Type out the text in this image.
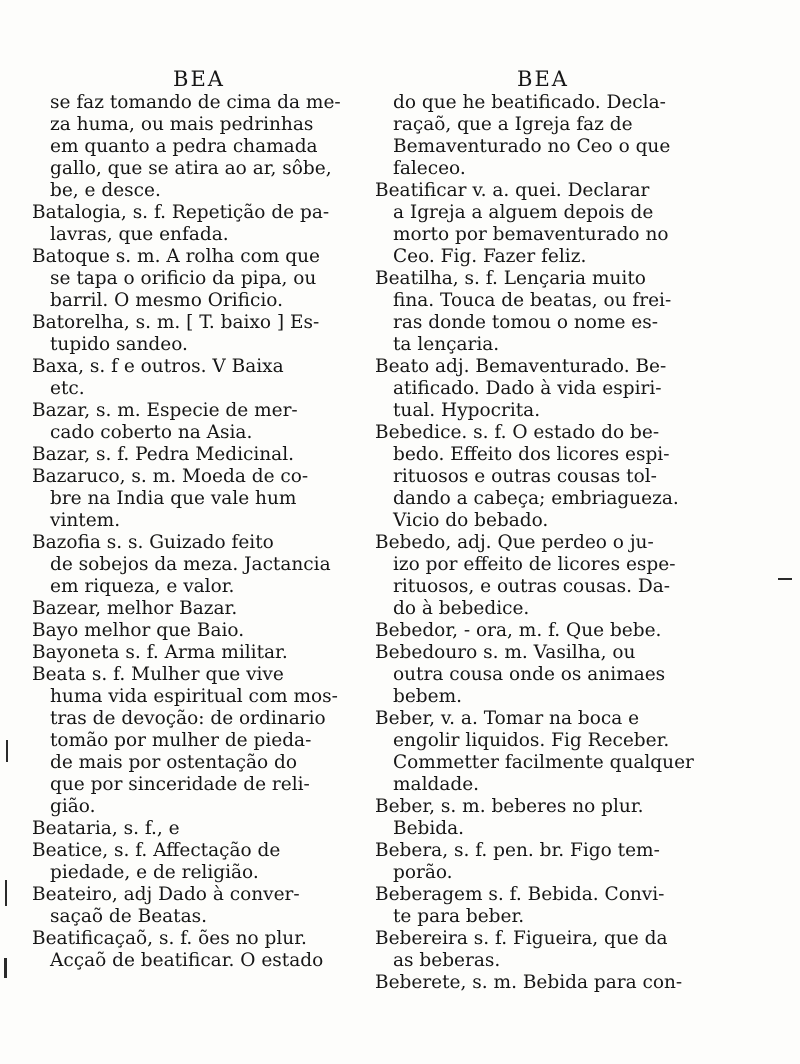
BEA
se faz tomando de cima da me-
za huma, ou mais pedrinhas
em quanto a pedra chamada
gallo, que se atira ao ar, sôbe,
be, e desce.
Batalogia, s. f. Repetição de pa-
lavras, que enfada.
Batoque s. m. A rolha com que
se tapa o orificio da pipa, ou
barril. O mesmo Orificio.
Batorelha, s. m. [ T. baixo ] Es-
tupido sandeo.
Baxa, s. f e outros. V Baixa
etc.
Bazar, s. m. Especie de mer-
cado coberto na Asia.
Bazar, s. f. Pedra Medicinal.
Bazaruco, s. m. Moeda de co-
bre na India que vale hum
vintem.
Bazofia s. s. Guizado feito
de sobejos da meza. Jactancia
em riqueza, e valor.
Bazear, melhor Bazar.
Bayo melhor que Baio.
Bayoneta s. f. Arma militar.
Beata s. f. Mulher que vive
huma vida espiritual com mos-
tras de devoção: de ordinario
tomão por mulher de pieda-
de mais por ostentação do
que por sinceridade de reli-
gião.
Beataria, s. f., e
Beatice, s. f. Affectação de
piedade, e de religião.
Beateiro, adj Dado à conver-
saçaõ de Beatas.
Beatificaçaõ, s. f. ões no plur.
Acçaõ de beatificar. O estado
BEA
do que he beatificado. Decla-
raçaõ, que a Igreja faz de
Bemaventurado no Ceo o que
faleceo.
Beatificar v. a. quei. Declarar
a Igreja a alguem depois de
morto por bemaventurado no
Ceo. Fig. Fazer feliz.
Beatilha, s. f. Lençaria muito
fina. Touca de beatas, ou frei-
ras donde tomou o nome es-
ta lençaria.
Beato adj. Bemaventurado. Be-
atificado. Dado à vida espiri-
tual. Hypocrita.
Bebedice. s. f. O estado do be-
bedo. Effeito dos licores espi-
rituosos e outras cousas tol-
dando a cabeça; embriagueza.
Vicio do bebado.
Bebedo, adj. Que perdeo o ju-
izo por effeito de licores espe-
rituosos, e outras cousas. Da-
do à bebedice.
Bebedor, - ora, m. f. Que bebe.
Bebedouro s. m. Vasilha, ou
outra cousa onde os animaes
bebem.
Beber, v. a. Tomar na boca e
engolir liquidos. Fig Receber.
Commetter facilmente qualquer
maldade.
Beber, s. m. beberes no plur.
Bebida.
Bebera, s. f. pen. br. Figo tem-
porão.
Beberagem s. f. Bebida. Convi-
te para beber.
Bebereira s. f. Figueira, que da
as beberas.
Beberete, s. m. Bebida para con-
